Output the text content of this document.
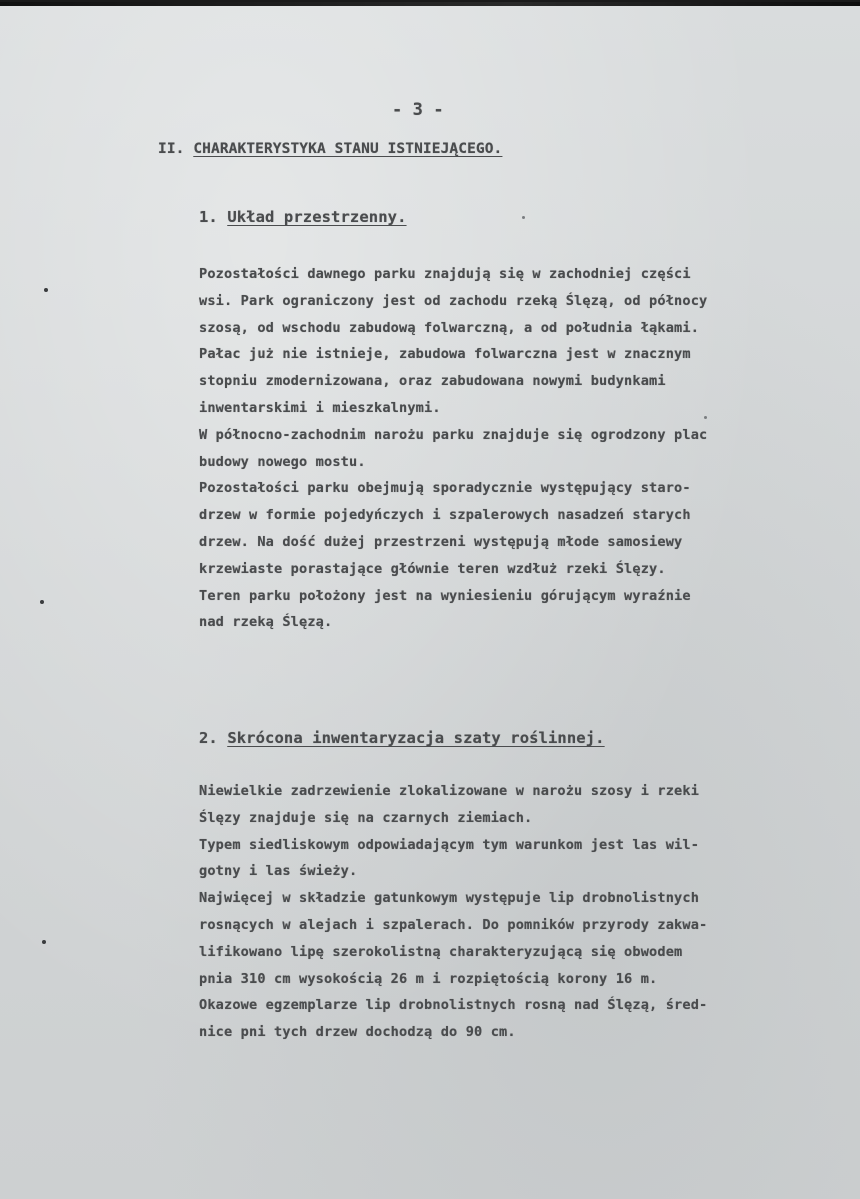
- 3 -
II. CHARAKTERYSTYKA STANU ISTNIEJĄCEGO.
1. Układ przestrzenny.
Pozostałości dawnego parku znajdują się w zachodniej części
wsi. Park ograniczony jest od zachodu rzeką Ślęzą, od północy
szosą, od wschodu zabudową folwarczną, a od południa łąkami.
Pałac już nie istnieje, zabudowa folwarczna jest w znacznym
stopniu zmodernizowana, oraz zabudowana nowymi budynkami
inwentarskimi i mieszkalnymi.
W północno-zachodnim narożu parku znajduje się ogrodzony plac
budowy nowego mostu.
Pozostałości parku obejmują sporadycznie występujący staro-
drzew w formie pojedyńczych i szpalerowych nasadzeń starych
drzew. Na dość dużej przestrzeni występują młode samosiewy
krzewiaste porastające głównie teren wzdłuż rzeki Ślęzy.
Teren parku położony jest na wyniesieniu górującym wyraźnie
nad rzeką Ślęzą.
2. Skrócona inwentaryzacja szaty roślinnej.
Niewielkie zadrzewienie zlokalizowane w narożu szosy i rzeki
Ślęzy znajduje się na czarnych ziemiach.
Typem siedliskowym odpowiadającym tym warunkom jest las wil-
gotny i las świeży.
Najwięcej w składzie gatunkowym występuje lip drobnolistnych
rosnących w alejach i szpalerach. Do pomników przyrody zakwa-
lifikowano lipę szerokolistną charakteryzującą się obwodem
pnia 310 cm wysokością 26 m i rozpiętością korony 16 m.
Okazowe egzemplarze lip drobnolistnych rosną nad Ślęzą, śred-
nice pni tych drzew dochodzą do 90 cm.
